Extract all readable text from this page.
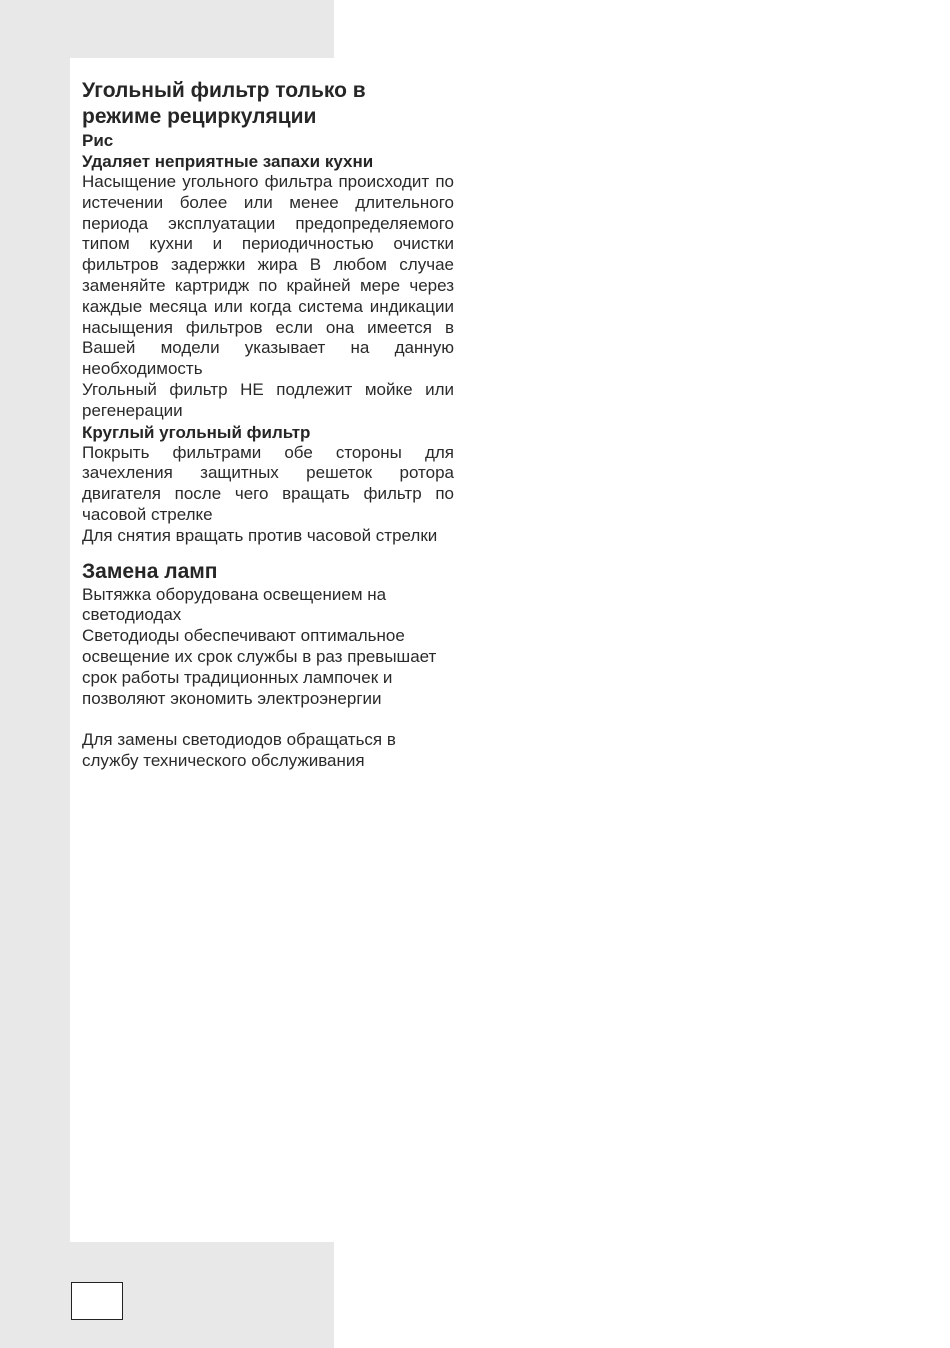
Угольный фильтр только в
режиме рециркуляции
Рис
Удаляет неприятные запахи кухни

Насыщение угольного фильтра происходит по истечении более или менее длительного периода эксплуатации предопределяемого типом кухни и периодичностью очистки фильтров задержки жира В любом случае заменяйте картридж по крайней мере через каждые месяца или когда система индикации насыщения фильтров если она имеется в Вашей модели указывает на данную необходимость

Угольный фильтр НЕ подлежит мойке или регенерации

Круглый угольный фильтр

Покрыть фильтрами обе стороны для зачехления защитных решеток ротора двигателя после чего вращать фильтр по часовой стрелке

Для снятия вращать против часовой стрелки

Замена ламп

Вытяжка оборудована освещением на светодиодах

Светодиоды обеспечивают оптимальное освещение их срок службы в раз превышает срок работы традиционных лампочек и позволяют экономить электроэнергии

Для замены светодиодов обращаться в службу технического обслуживания
